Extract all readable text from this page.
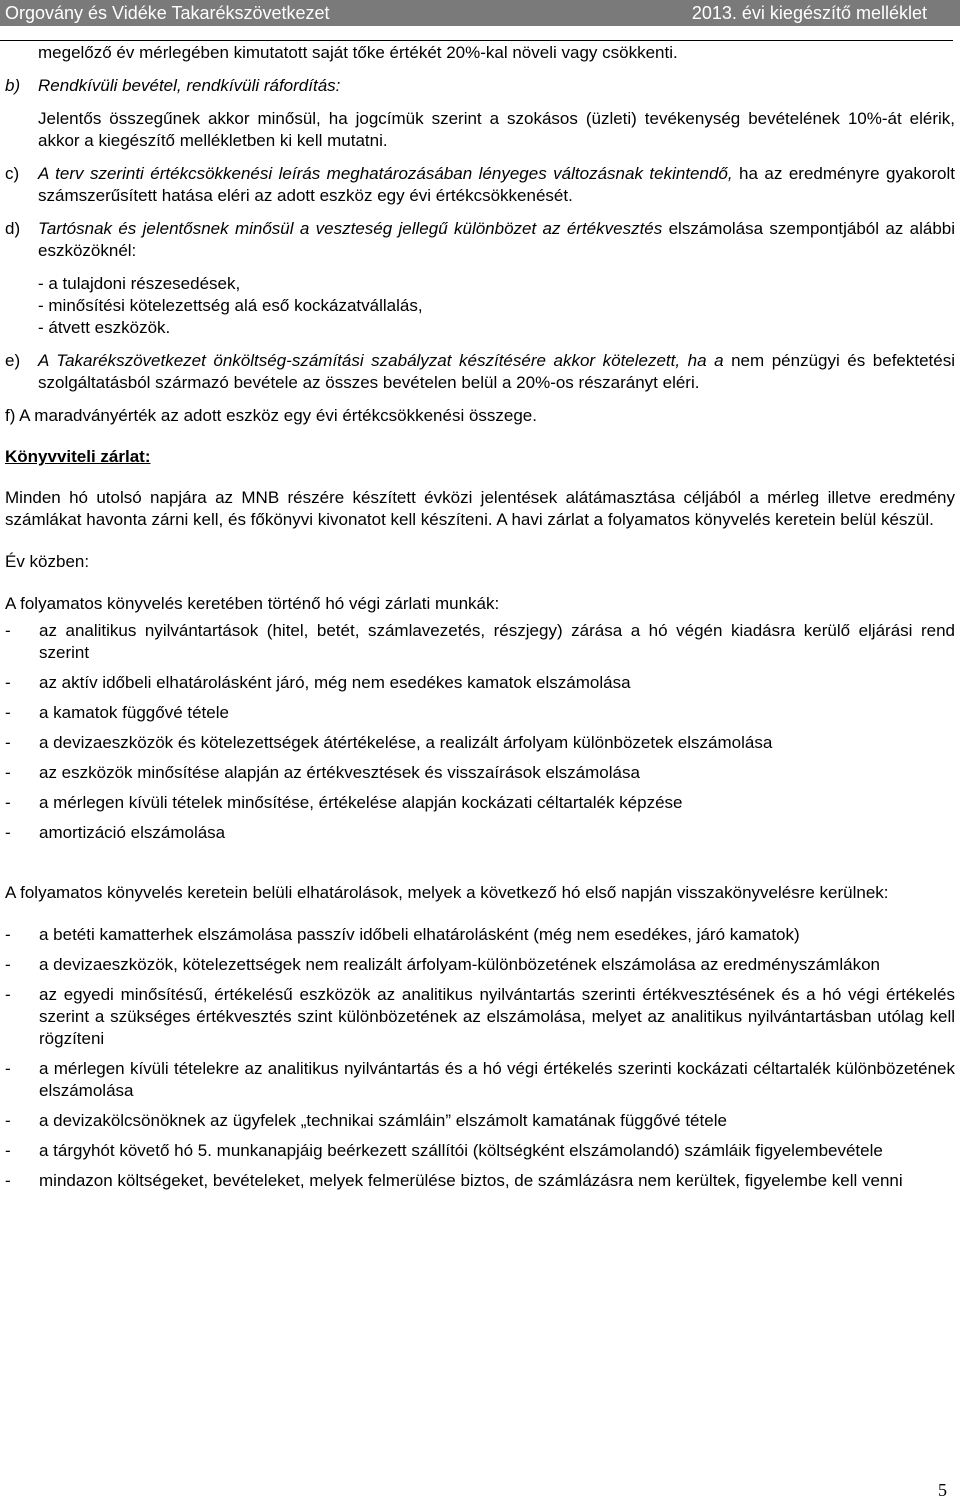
Orgovány és Vidéke Takarékszövetkezet	2013. évi kiegészítő melléklet

megelőző év mérlegében kimutatott saját tőke értékét 20%-kal növeli vagy csökkenti.

b)	Rendkívüli bevétel, rendkívüli ráfordítás:

Jelentős összegűnek akkor minősül, ha jogcímük szerint a szokásos (üzleti) tevékenység bevételének 10%-át elérik, akkor a kiegészítő mellékletben ki kell mutatni.

c)	A terv szerinti értékcsökkenési leírás meghatározásában lényeges változásnak tekintendő, ha az eredményre gyakorolt számszerűsített hatása eléri az adott eszköz egy évi értékcsökkenését.
d)	Tartósnak és jelentősnek minősül a veszteség jellegű különbözet az értékvesztés elszámolása szempontjából az alábbi eszközöknél:

- a tulajdoni részesedések,

- minősítési kötelezettség alá eső kockázatvállalás,

- átvett eszközök.

e)	A Takarékszövetkezet önköltség-számítási szabályzat készítésére akkor kötelezett, ha a nem pénzügyi és befektetési szolgáltatásból származó bevétele az összes bevételen belül a 20%-os részarányt eléri.

f) A maradványérték az adott eszköz egy évi értékcsökkenési összege.

Könyvviteli zárlat:

Minden hó utolsó napjára az MNB részére készített évközi jelentések alátámasztása céljából a mérleg illetve eredmény számlákat havonta zárni kell, és főkönyvi kivonatot kell készíteni. A havi zárlat a folyamatos könyvelés keretein belül készül.

Év közben:

A folyamatos könyvelés keretében történő hó végi zárlati munkák:

-	az analitikus nyilvántartások (hitel, betét, számlavezetés, részjegy) zárása a hó végén kiadásra kerülő eljárási rend szerint
-	az aktív időbeli elhatárolásként járó, még nem esedékes kamatok elszámolása
-	a kamatok függővé tétele
-	a devizaeszközök és kötelezettségek átértékelése, a realizált árfolyam különbözetek elszámolása
-	az eszközök minősítése alapján az értékvesztések és visszaírások elszámolása
-	a mérlegen kívüli tételek minősítése, értékelése alapján kockázati céltartalék képzése
-	amortizáció elszámolása

A folyamatos könyvelés keretein belüli elhatárolások, melyek a következő hó első napján visszakönyvelésre kerülnek:

-	a betéti kamatterhek elszámolása passzív időbeli elhatárolásként (még nem esedékes, járó kamatok)
-	a devizaeszközök, kötelezettségek nem realizált árfolyam-különbözetének elszámolása az eredményszámlákon
-	az egyedi minősítésű, értékelésű eszközök az analitikus nyilvántartás szerinti értékvesztésének és a hó végi értékelés szerint a szükséges értékvesztés szint különbözetének az elszámolása, melyet az analitikus nyilvántartásban utólag kell rögzíteni
-	a mérlegen kívüli tételekre az analitikus nyilvántartás és a hó végi értékelés szerinti kockázati céltartalék különbözetének elszámolása
-	a devizakölcsönöknek az ügyfelek „technikai számláin” elszámolt kamatának függővé tétele
-	a tárgyhót követő hó 5. munkanapjáig beérkezett szállítói (költségként elszámolandó) számláik figyelembevétele
-	mindazon költségeket, bevételeket, melyek felmerülése biztos, de számlázásra nem kerültek, figyelembe kell venni
5
